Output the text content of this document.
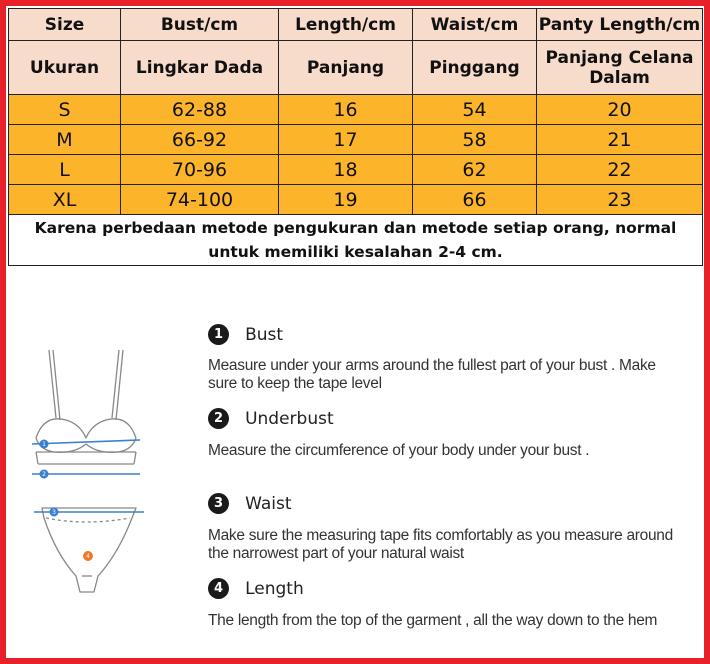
Size	Bust/cm	Length/cm	Waist/cm	Panty Length/cm
Ukuran	Lingkar Dada	Panjang	Pinggang	Panjang Celana Dalam
S	62-88	16	54	20
M	66-92	17	58	21
L	70-96	18	62	22
XL	74-100	19	66	23
Karena perbedaan metode pengukuran dan metode setiap orang, normal untuk memiliki kesalahan 2-4 cm.				
1
2
3
4
1 Bust
Measure under your arms around the fullest part of your bust . Make sure to keep the tape level
2 Underbust
Measure the circumference of your body under your bust .
3 Waist
Make sure the measuring tape fits comfortably as you measure around the narrowest part of your natural waist
4 Length
The length from the top of the garment , all the way down to the hem
